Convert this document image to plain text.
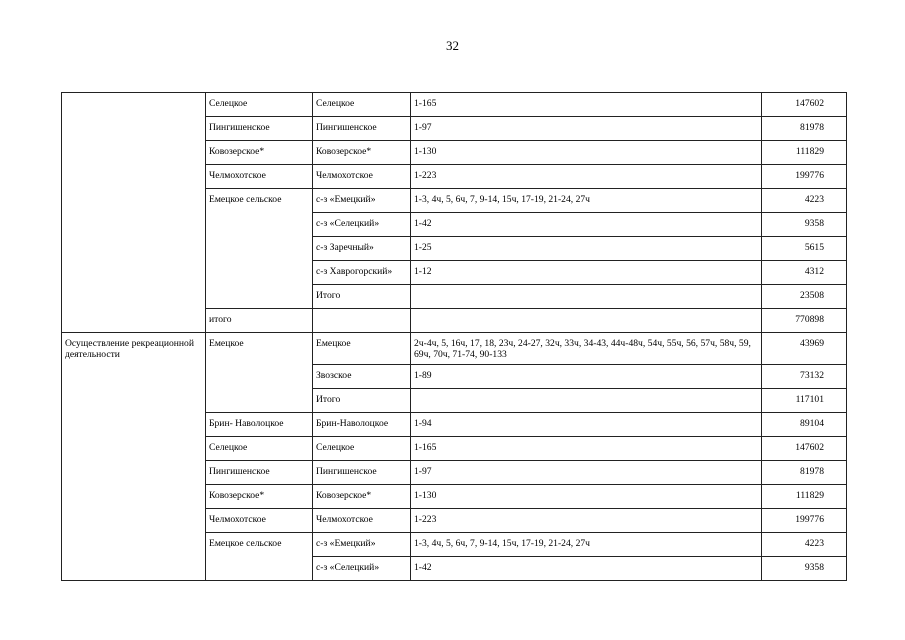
32
	Селецкое	Селецкое	1-165	147602
	Пингишенское	Пингишенское	1-97	81978
	Ковозерское*	Ковозерское*	1-130	111829
	Челмохотское	Челмохотское	1-223	199776
	Емецкое сельское	с-з «Емецкий»	1-3, 4ч, 5, 6ч, 7, 9-14, 15ч, 17-19, 21-24, 27ч	4223
		с-з «Селецкий»	1-42	9358
		с-з Заречный»	1-25	5615
		с-з Хаврогорский»	1-12	4312
		Итого		23508
	итого			770898
Осуществление рекреационной деятельности	Емецкое	Емецкое	2ч-4ч, 5, 16ч, 17, 18, 23ч, 24-27, 32ч, 33ч, 34-43, 44ч-48ч, 54ч, 55ч, 56, 57ч, 58ч, 59, 69ч, 70ч, 71-74, 90-133	43969
		Звозское	1-89	73132
		Итого		117101
	Брин- Наволоцкое	Брин-Наволоцкое	1-94	89104
	Селецкое	Селецкое	1-165	147602
	Пингишенское	Пингишенское	1-97	81978
	Ковозерское*	Ковозерское*	1-130	111829
	Челмохотское	Челмохотское	1-223	199776
	Емецкое сельское	с-з «Емецкий»	1-3, 4ч, 5, 6ч, 7, 9-14, 15ч, 17-19, 21-24, 27ч	4223
		с-з «Селецкий»	1-42	9358
